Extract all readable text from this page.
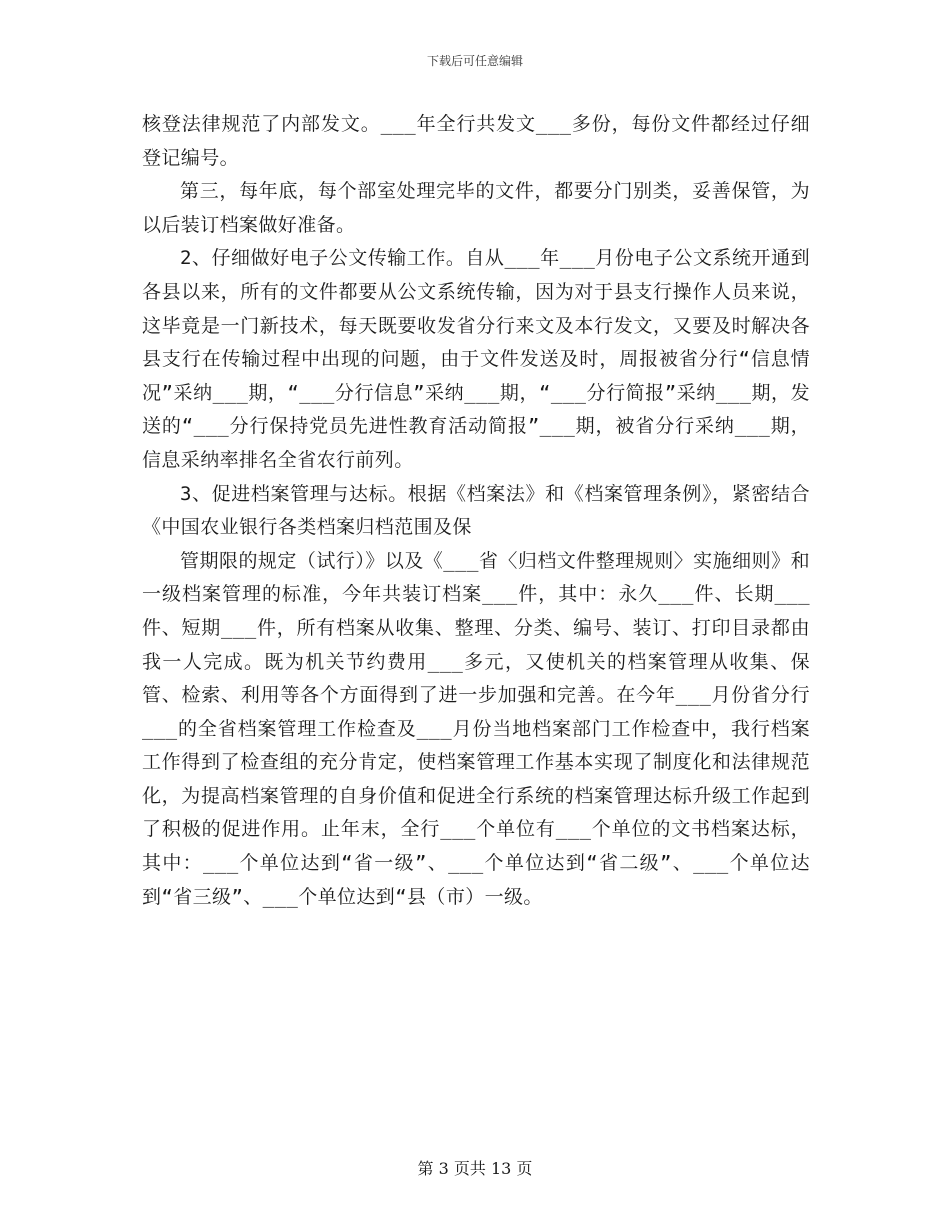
下载后可任意编辑

核登法律规范了内部发文。___年全行共发文___多份，每份文件都经过仔细登记编号。

第三，每年底，每个部室处理完毕的文件，都要分门别类，妥善保管，为以后装订档案做好准备。

2、仔细做好电子公文传输工作。自从___年___月份电子公文系统开通到各县以来，所有的文件都要从公文系统传输，因为对于县支行操作人员来说，这毕竟是一门新技术，每天既要收发省分行来文及本行发文，又要及时解决各县支行在传输过程中出现的问题，由于文件发送及时，周报被省分行“信息情况”采纳___期，“___分行信息”采纳___期，“___分行简报”采纳___期，发送的“___分行保持党员先进性教育活动简报”___期，被省分行采纳___期，信息采纳率排名全省农行前列。

3、促进档案管理与达标。根据《档案法》和《档案管理条例》，紧密结合《中国农业银行各类档案归档范围及保

管期限的规定（试行）》以及《___省〈归档文件整理规则〉实施细则》和一级档案管理的标准，今年共装订档案___件，其中：永久___件、长期___件、短期___件，所有档案从收集、整理、分类、编号、装订、打印目录都由我一人完成。既为机关节约费用___多元，又使机关的档案管理从收集、保管、检索、利用等各个方面得到了进一步加强和完善。在今年___月份省分行___的全省档案管理工作检查及___月份当地档案部门工作检查中，我行档案工作得到了检查组的充分肯定，使档案管理工作基本实现了制度化和法律规范化，为提高档案管理的自身价值和促进全行系统的档案管理达标升级工作起到了积极的促进作用。止年末，全行___个单位有___个单位的文书档案达标，其中：___个单位达到“省一级”、___个单位达到“省二级”、___个单位达到“省三级”、___个单位达到“县（市）一级。

第 3 页共 13 页
